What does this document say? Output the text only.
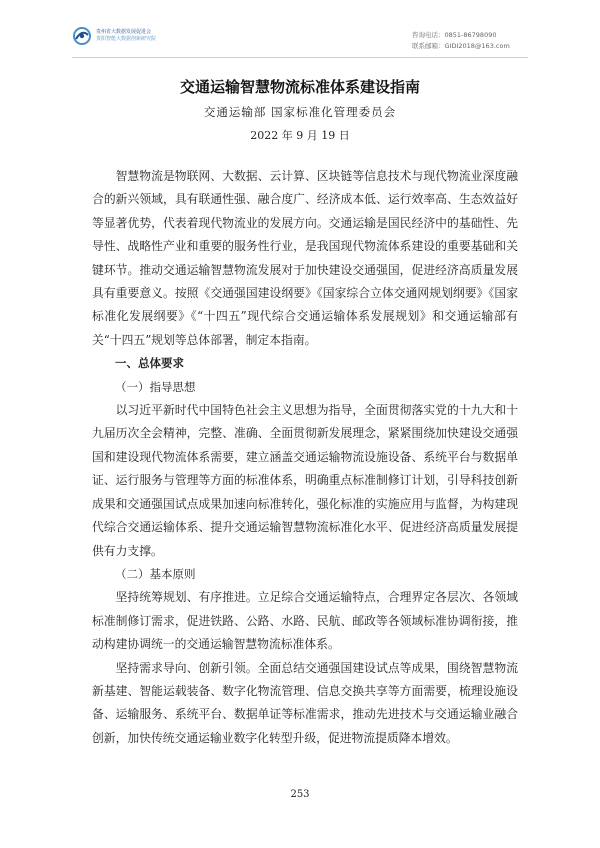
贵州省大数据发展促进会
贵阳智能大数据创新研究院	咨询电话：0851-86798090
联系邮箱：GIDI2018@163.com
交通运输智慧物流标准体系建设指南
交通运输部 国家标准化管理委员会
2022 年 9 月 19 日

智慧物流是物联网、大数据、云计算、区块链等信息技术与现代物流业深度融合的新兴领域，具有联通性强、融合度广、经济成本低、运行效率高、生态效益好等显著优势，代表着现代物流业的发展方向。交通运输是国民经济中的基础性、先导性、战略性产业和重要的服务性行业，是我国现代物流体系建设的重要基础和关键环节。推动交通运输智慧物流发展对于加快建设交通强国，促进经济高质量发展具有重要意义。按照《交通强国建设纲要》《国家综合立体交通网规划纲要》《国家标准化发展纲要》《“十四五”现代综合交通运输体系发展规划》和交通运输部有关“十四五”规划等总体部署，制定本指南。

一、总体要求
（一）指导思想

以习近平新时代中国特色社会主义思想为指导，全面贯彻落实党的十九大和十九届历次全会精神，完整、准确、全面贯彻新发展理念，紧紧围绕加快建设交通强国和建设现代物流体系需要，建立涵盖交通运输物流设施设备、系统平台与数据单证、运行服务与管理等方面的标准体系，明确重点标准制修订计划，引导科技创新成果和交通强国试点成果加速向标准转化，强化标准的实施应用与监督，为构建现代综合交通运输体系、提升交通运输智慧物流标准化水平、促进经济高质量发展提供有力支撑。

（二）基本原则

坚持统筹规划、有序推进。立足综合交通运输特点，合理界定各层次、各领域标准制修订需求，促进铁路、公路、水路、民航、邮政等各领域标准协调衔接，推动构建协调统一的交通运输智慧物流标准体系。

坚持需求导向、创新引领。全面总结交通强国建设试点等成果，围绕智慧物流新基建、智能运载装备、数字化物流管理、信息交换共享等方面需要，梳理设施设备、运输服务、系统平台、数据单证等标准需求，推动先进技术与交通运输业融合创新，加快传统交通运输业数字化转型升级，促进物流提质降本增效。

253
